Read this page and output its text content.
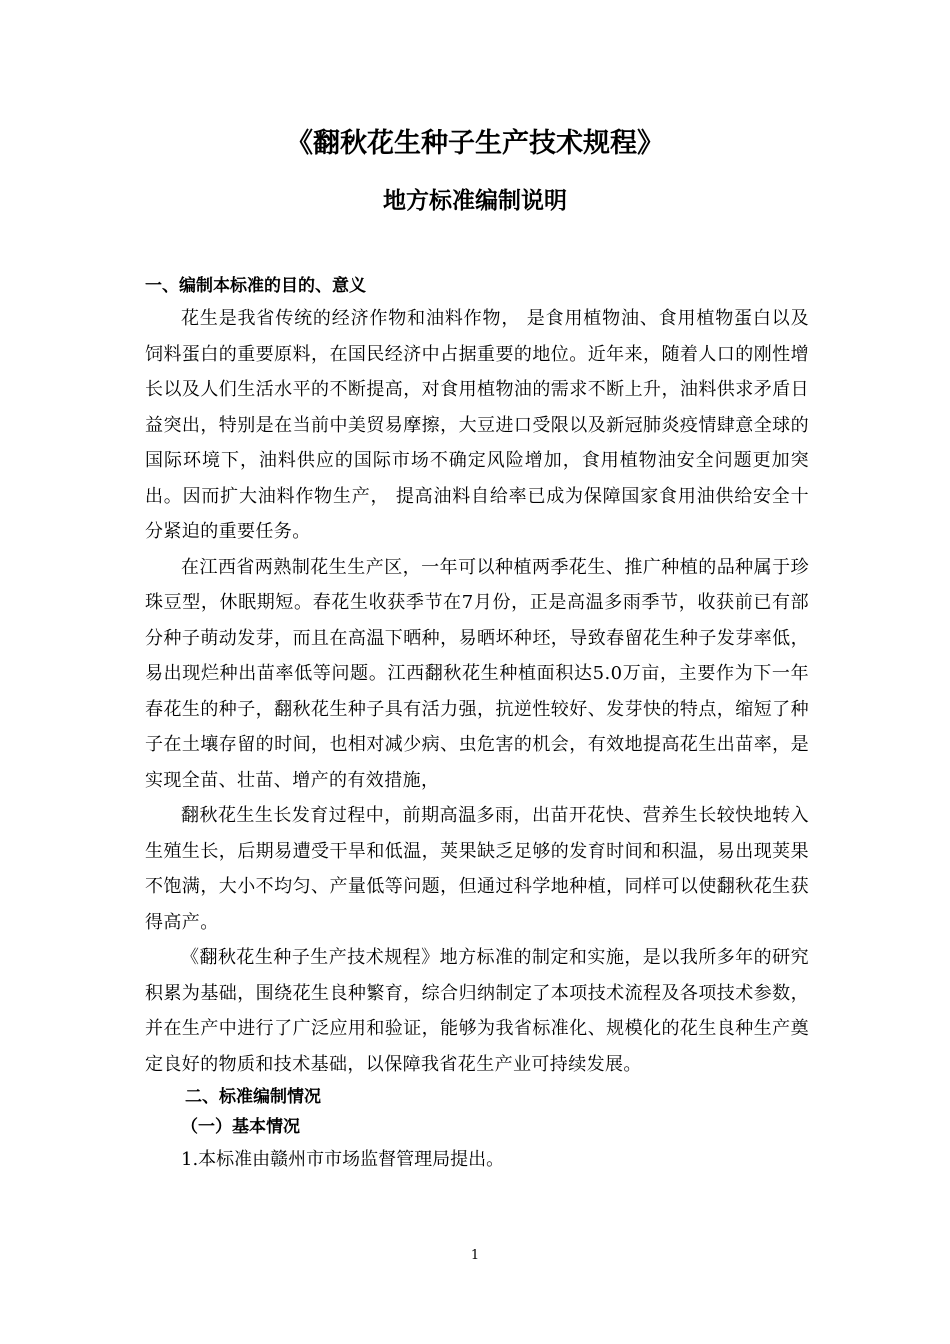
《翻秋花生种子生产技术规程》
地方标准编制说明
一、编制本标准的目的、意义

花生是我省传统的经济作物和油料作物， 是食用植物油、食用植物蛋白以及饲料蛋白的重要原料，在国民经济中占据重要的地位。近年来，随着人口的刚性增长以及人们生活水平的不断提高，对食用植物油的需求不断上升，油料供求矛盾日益突出，特别是在当前中美贸易摩擦，大豆进口受限以及新冠肺炎疫情肆意全球的国际环境下，油料供应的国际市场不确定风险增加，食用植物油安全问题更加突出。因而扩大油料作物生产， 提高油料自给率已成为保障国家食用油供给安全十分紧迫的重要任务。

在江西省两熟制花生生产区，一年可以种植两季花生、推广种植的品种属于珍珠豆型，休眠期短。春花生收获季节在7月份，正是高温多雨季节，收获前已有部分种子萌动发芽，而且在高温下晒种，易晒坏种坯，导致春留花生种子发芽率低，易出现烂种出苗率低等问题。江西翻秋花生种植面积达5.0万亩，主要作为下一年春花生的种子，翻秋花生种子具有活力强，抗逆性较好、发芽快的特点，缩短了种子在土壤存留的时间，也相对减少病、虫危害的机会，有效地提高花生出苗率，是实现全苗、壮苗、增产的有效措施，

翻秋花生生长发育过程中，前期高温多雨，出苗开花快、营养生长较快地转入生殖生长，后期易遭受干旱和低温，荚果缺乏足够的发育时间和积温，易出现荚果不饱满，大小不均匀、产量低等问题，但通过科学地种植，同样可以使翻秋花生获得高产。

《翻秋花生种子生产技术规程》地方标准的制定和实施，是以我所多年的研究积累为基础，围绕花生良种繁育，综合归纳制定了本项技术流程及各项技术参数，并在生产中进行了广泛应用和验证，能够为我省标准化、规模化的花生良种生产奠定良好的物质和技术基础，以保障我省花生产业可持续发展。

二、标准编制情况
（一）基本情况

1.本标准由赣州市市场监督管理局提出。

1
